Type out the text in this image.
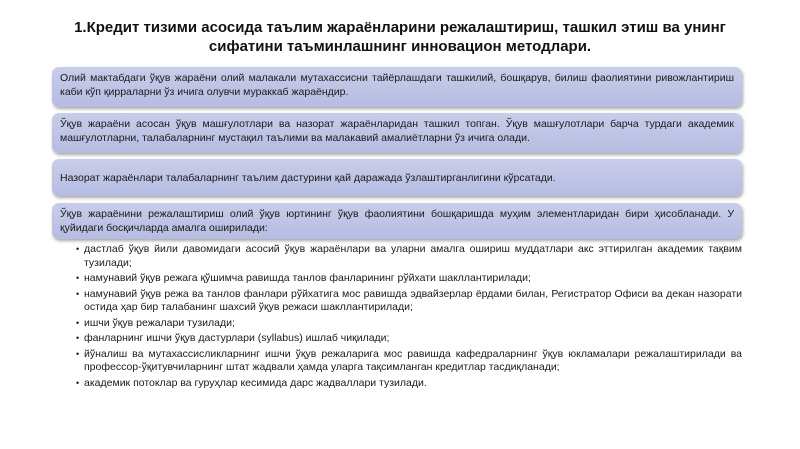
1.Кредит тизими асосида таълим жараёнларини режалаштириш, ташкил этиш ва унинг сифатини таъминлашнинг инновацион методлари.
Олий мактабдаги ўқув жараёни олий малакали мутахассисни тайёрлашдаги ташкилий, бошқарув, билиш фаолиятини ривожлантириш каби кўп қирраларни ўз ичига олувчи мураккаб жараёндир.
Ўқув жараёни асосан ўқув машғулотлари ва назорат жараёнларидан ташкил топган. Ўқув машғулотлари барча турдаги академик машғулотларни, талабаларнинг мустақил таълими ва малакавий амалиётларни ўз ичига олади.
Назорат жараёнлари талабаларнинг таълим дастурини қай даражада ўзлаштирганлигини кўрсатади.
Ўқув жараёнини режалаштириш олий ўқув юртининг ўқув фаолиятини бошқаришда муҳим элементларидан бири ҳисобланади. У қуйидаги босқичларда амалга оширилади:
• дастлаб ўқув йили давомидаги асосий ўқув жараёнлари ва уларни амалга ошириш муддатлари акс эттирилган академик тақвим тузилади;
• намунавий ўқув режага қўшимча равишда танлов фанларининг рўйхати шакллантирилади;
• намунавий ўқув режа ва танлов фанлари рўйхатига мос равишда эдвайзерлар ёрдами билан, Регистратор Офиси ва декан назорати остида ҳар бир талабанинг шахсий ўқув режаси шакллантирилади;
• ишчи ўқув режалари тузилади;
• фанларнинг ишчи ўқув дастурлари (syllabus) ишлаб чиқилади;
• йўналиш ва мутахассисликларнинг ишчи ўқув режаларига мос равишда кафедраларнинг ўқув юкламалари режалаштирилади ва профессор-ўқитувчиларнинг штат жадвали ҳамда уларга тақсимланган кредитлар тасдиқланади;
• академик потоклар ва гуруҳлар кесимида дарс жадваллари тузилади.
